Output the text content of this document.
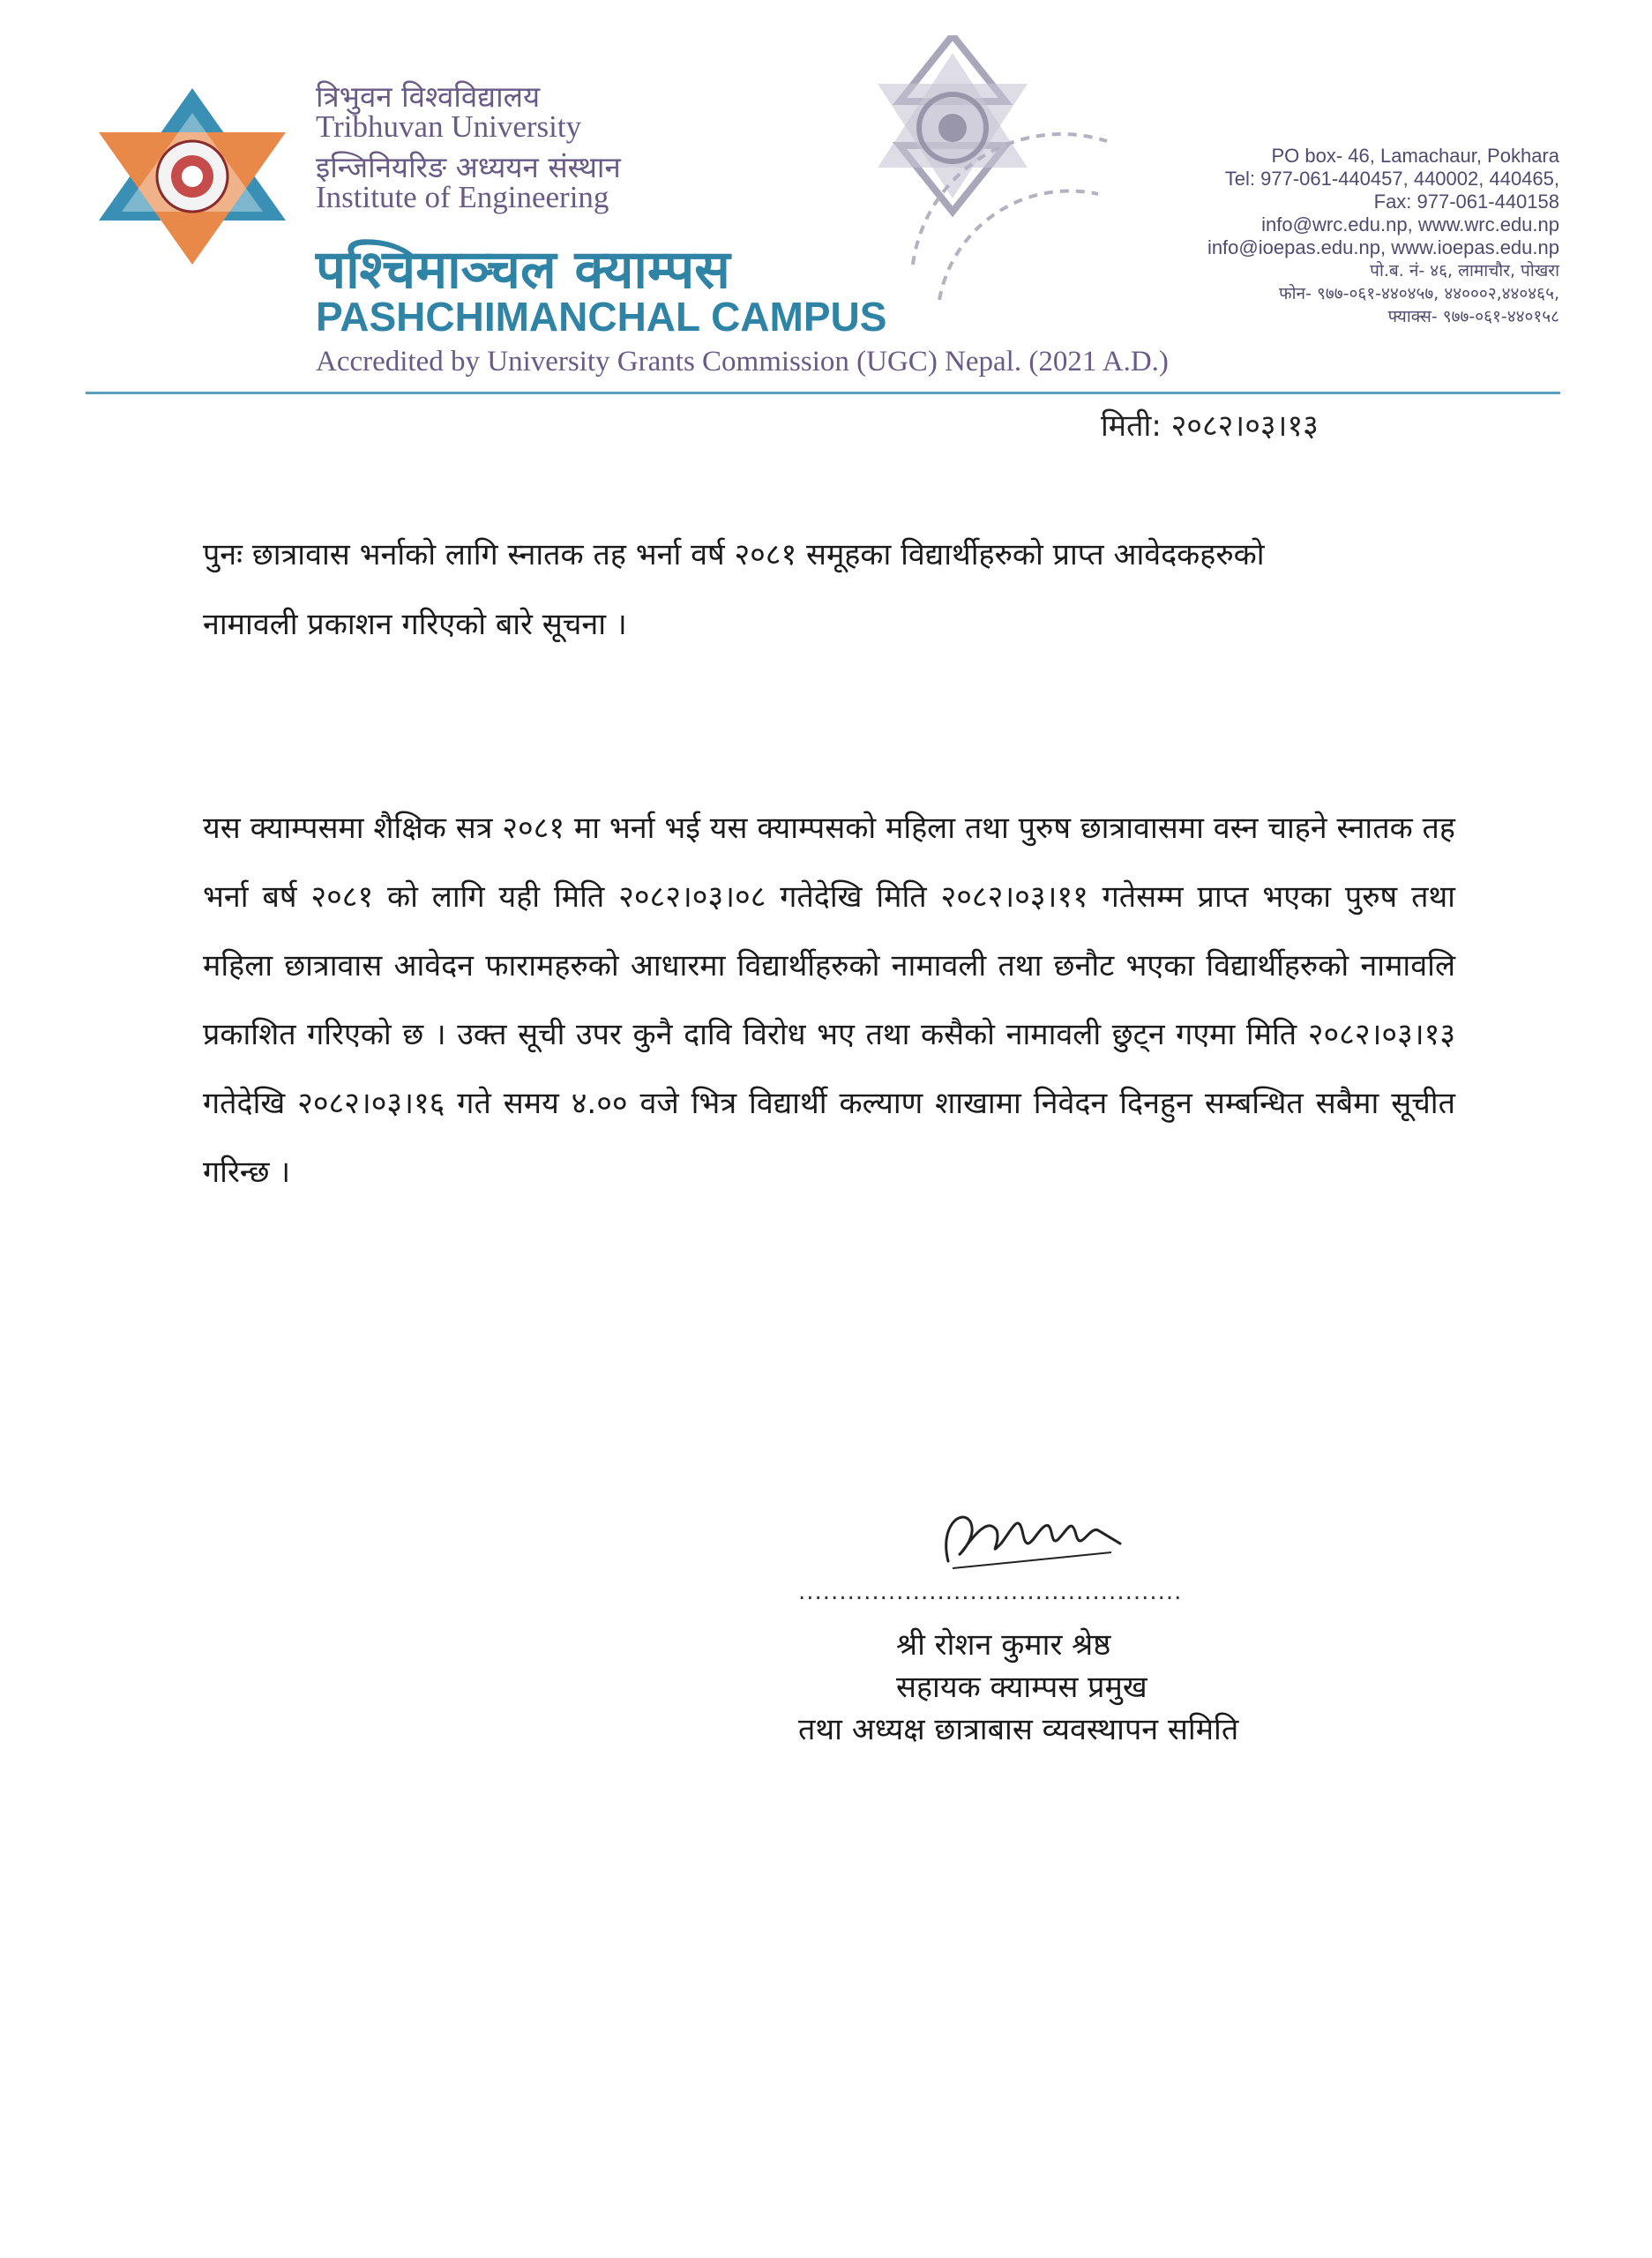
त्रिभुवन विश्वविद्यालय
Tribhuvan University
इन्जिनियरिङ अध्ययन संस्थान
Institute of Engineering
पश्चिमाञ्चल क्याम्पस
PASHCHIMANCHAL CAMPUS
Accredited by University Grants Commission (UGC) Nepal. (2021 A.D.)
PO box- 46, Lamachaur, Pokhara
Tel: 977-061-440457, 440002, 440465,
Fax: 977-061-440158
info@wrc.edu.np, www.wrc.edu.np
info@ioepas.edu.np, www.ioepas.edu.np
पो.ब. नं- ४६, लामाचौर, पोखरा
फोन- ९७७-०६१-४४०४५७, ४४०००२,४४०४६५,
फ्याक्स- ९७७-०६१-४४०१५८
मिती: २०८२।०३।१३
पुनः छात्रावास भर्नाको लागि स्नातक तह भर्ना वर्ष २०८१ समूहका विद्यार्थीहरुको प्राप्त आवेदकहरुको
नामावली प्रकाशन गरिएको बारे सूचना ।
यस क्याम्पसमा शैक्षिक सत्र २०८१ मा भर्ना भई यस क्याम्पसको महिला तथा पुरुष छात्रावासमा वस्न चाहने स्नातक तह भर्ना बर्ष २०८१ को लागि यही मिति २०८२।०३।०८ गतेदेखि मिति २०८२।०३।११ गतेसम्म प्राप्त भएका पुरुष तथा महिला छात्रावास आवेदन फारामहरुको आधारमा विद्यार्थीहरुको नामावली तथा छनौट भएका विद्यार्थीहरुको नामावलि प्रकाशित गरिएको छ । उक्त सूची उपर कुनै दावि विरोध भए तथा कसैको नामावली छुट्न गएमा मिति २०८२।०३।१३ गतेदेखि २०८२।०३।१६ गते समय ४.०० वजे भित्र विद्यार्थी कल्याण शाखामा निवेदन दिनहुन सम्बन्धित सबैमा सूचीत गरिन्छ ।
...............................................
श्री रोशन कुमार श्रेष्ठ
सहायक क्याम्पस प्रमुख
तथा अध्यक्ष छात्राबास व्यवस्थापन समिति
